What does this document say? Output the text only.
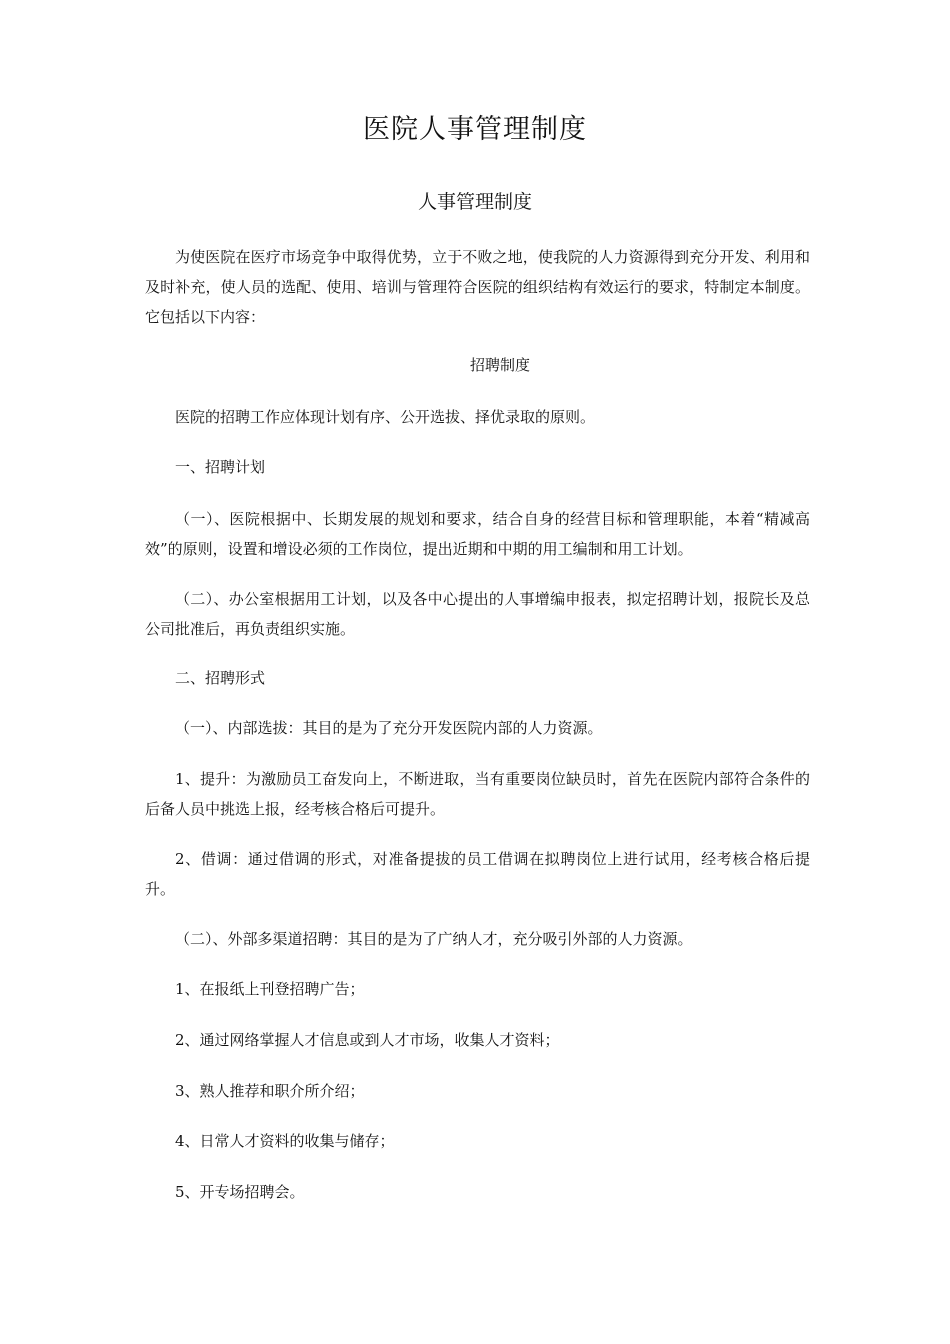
医院人事管理制度
人事管理制度

为使医院在医疗市场竞争中取得优势，立于不败之地，使我院的人力资源得到充分开发、利用和及时补充，使人员的选配、使用、培训与管理符合医院的组织结构有效运行的要求，特制定本制度。它包括以下内容：

招聘制度

医院的招聘工作应体现计划有序、公开选拔、择优录取的原则。

一、招聘计划

（一）、医院根据中、长期发展的规划和要求，结合自身的经营目标和管理职能，本着“精减高效”的原则，设置和增设必须的工作岗位，提出近期和中期的用工编制和用工计划。

（二）、办公室根据用工计划，以及各中心提出的人事增编申报表，拟定招聘计划，报院长及总公司批准后，再负责组织实施。

二、招聘形式

（一）、内部选拔：其目的是为了充分开发医院内部的人力资源。

1、提升：为激励员工奋发向上，不断进取，当有重要岗位缺员时，首先在医院内部符合条件的后备人员中挑选上报，经考核合格后可提升。

2、借调：通过借调的形式，对准备提拔的员工借调在拟聘岗位上进行试用，经考核合格后提升。

（二）、外部多渠道招聘：其目的是为了广纳人才，充分吸引外部的人力资源。

1、在报纸上刊登招聘广告；

2、通过网络掌握人才信息或到人才市场，收集人才资料；

3、熟人推荐和职介所介绍；

4、日常人才资料的收集与储存；

5、开专场招聘会。
